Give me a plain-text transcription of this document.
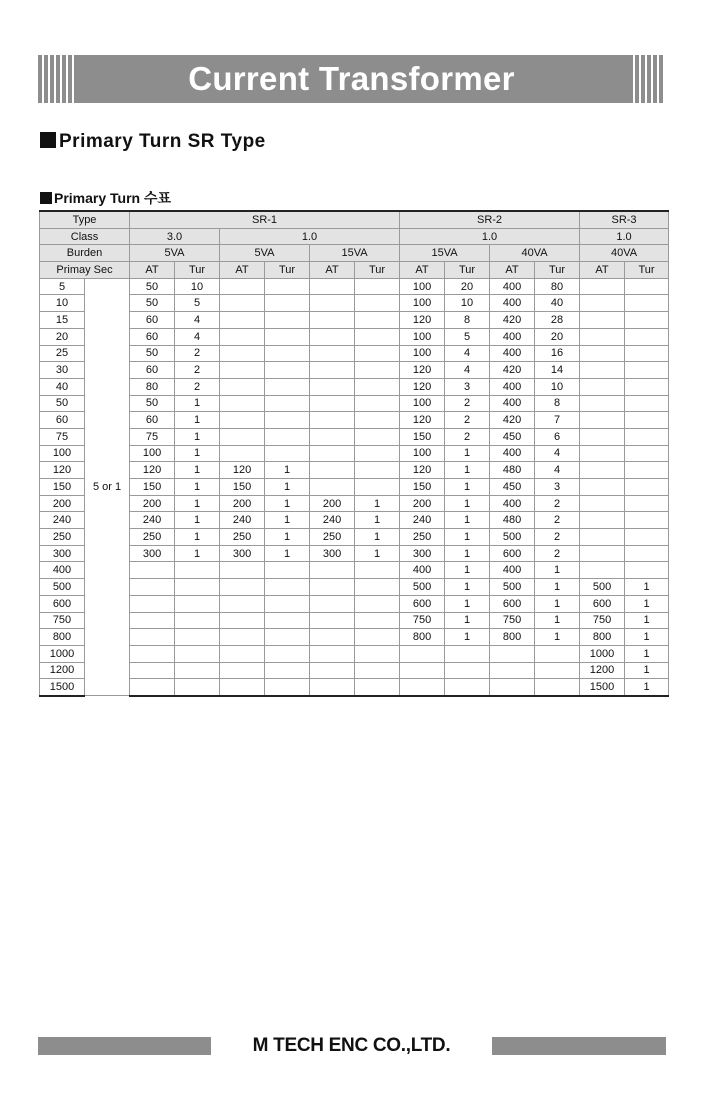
Current Transformer
Primary Turn SR Type
Primary Turn 수표
Type		SR-1						SR-2				SR-3	
Class		3.0		1.0				1.0				1.0	
Burden		5VA		5VA		15VA		15VA		40VA		40VA	
Primay Sec		AT	Tur	AT	Tur	AT	Tur	AT	Tur	AT	Tur	AT	Tur
5	5 or 1	50	10					100	20	400	80		
10		50	5					100	10	400	40		
15		60	4					120	8	420	28		
20		60	4					100	5	400	20		
25		50	2					100	4	400	16		
30		60	2					120	4	420	14		
40		80	2					120	3	400	10		
50		50	1					100	2	400	8		
60		60	1					120	2	420	7		
75		75	1					150	2	450	6		
100		100	1					100	1	400	4		
120		120	1	120	1			120	1	480	4		
150		150	1	150	1			150	1	450	3		
200		200	1	200	1	200	1	200	1	400	2		
240		240	1	240	1	240	1	240	1	480	2		
250		250	1	250	1	250	1	250	1	500	2		
300		300	1	300	1	300	1	300	1	600	2		
400								400	1	400	1		
500								500	1	500	1	500	1
600								600	1	600	1	600	1
750								750	1	750	1	750	1
800								800	1	800	1	800	1
1000												1000	1
1200												1200	1
1500												1500	1
M TECH ENC CO.,LTD.
